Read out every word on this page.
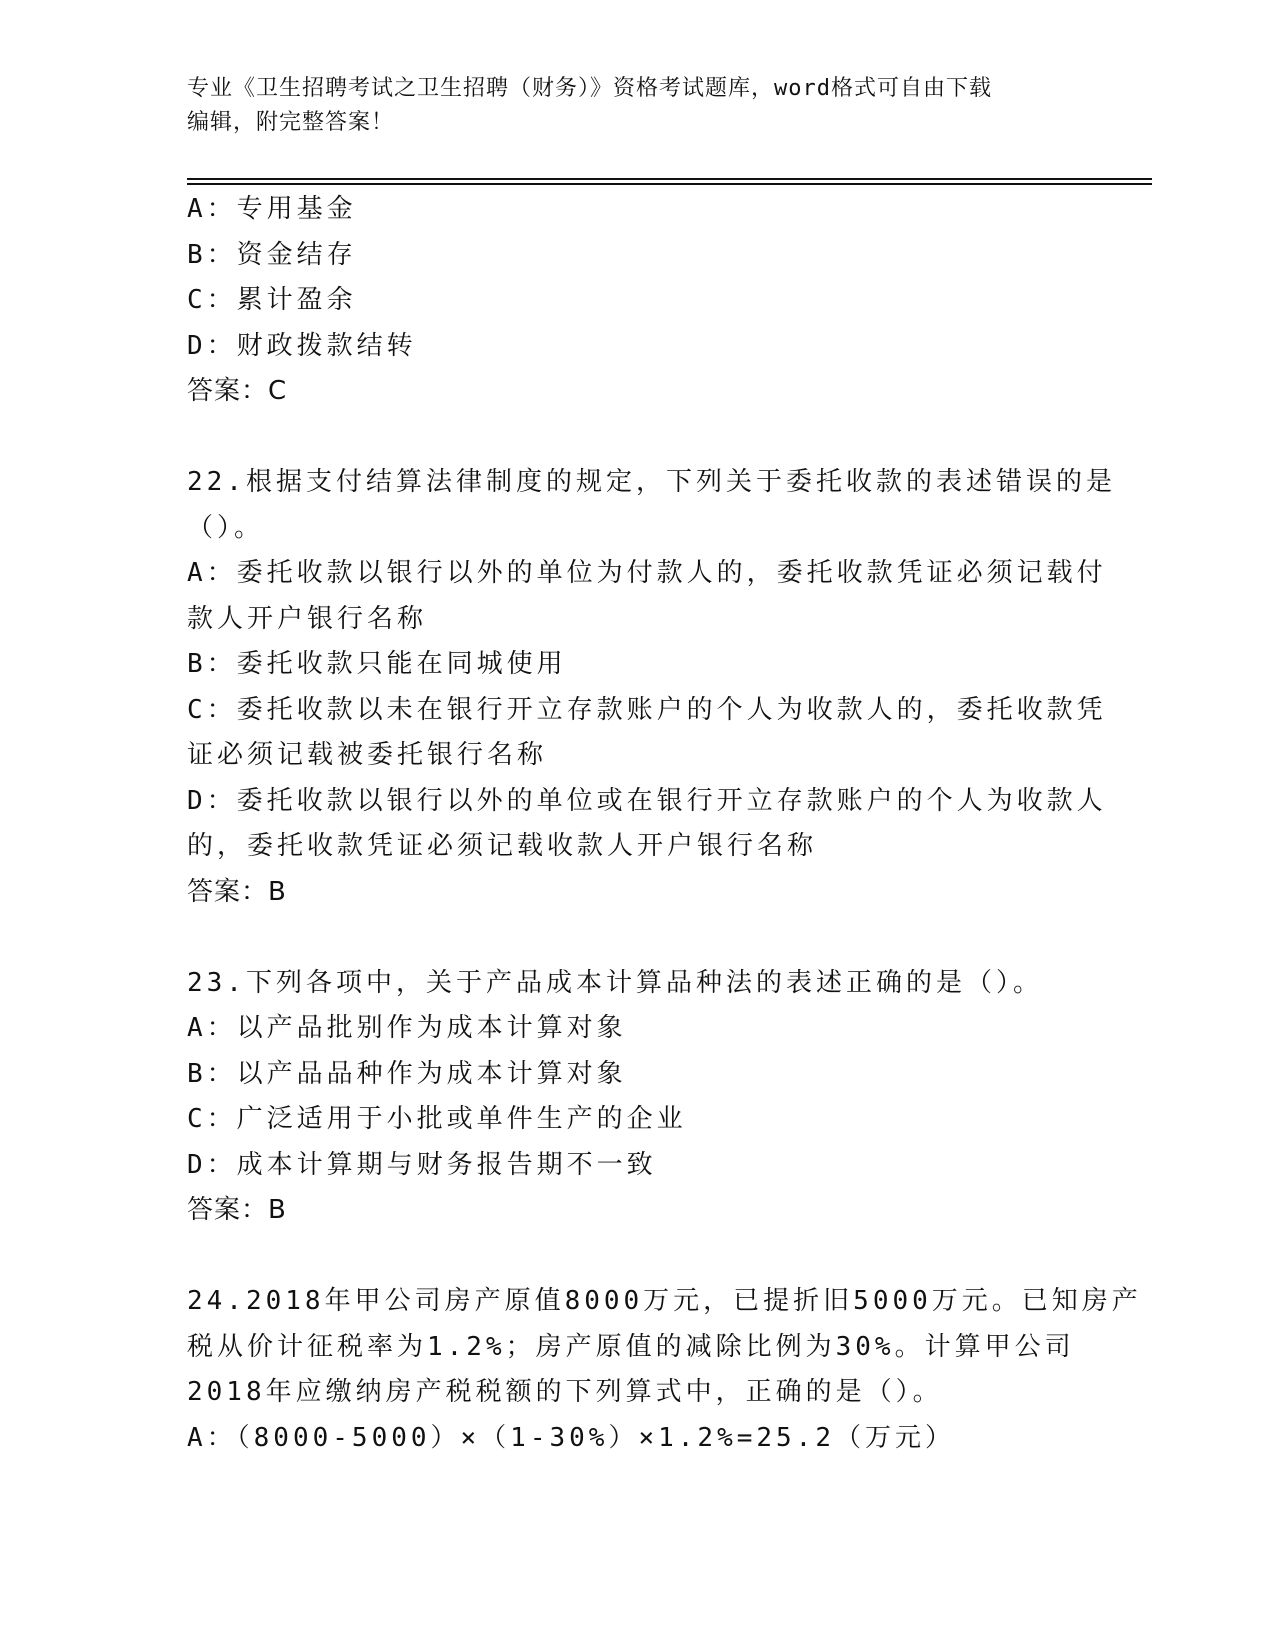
专业《卫生招聘考试之卫生招聘（财务）》资格考试题库，word格式可自由下载
编辑，附完整答案！
A：专用基金
B：资金结存
C：累计盈余
D：财政拨款结转
答案：C
22.根据支付结算法律制度的规定，下列关于委托收款的表述错误的是
（）。
A：委托收款以银行以外的单位为付款人的，委托收款凭证必须记载付
款人开户银行名称
B：委托收款只能在同城使用
C：委托收款以未在银行开立存款账户的个人为收款人的，委托收款凭
证必须记载被委托银行名称
D：委托收款以银行以外的单位或在银行开立存款账户的个人为收款人
的，委托收款凭证必须记载收款人开户银行名称
答案：B
23.下列各项中，关于产品成本计算品种法的表述正确的是（）。
A：以产品批别作为成本计算对象
B：以产品品种作为成本计算对象
C：广泛适用于小批或单件生产的企业
D：成本计算期与财务报告期不一致
答案：B
24.2018年甲公司房产原值8000万元，已提折旧5000万元。已知房产
税从价计征税率为1.2%；房产原值的减除比例为30%。计算甲公司
2018年应缴纳房产税税额的下列算式中，正确的是（）。
A：（8000-5000）×（1-30%）×1.2%=25.2（万元）
